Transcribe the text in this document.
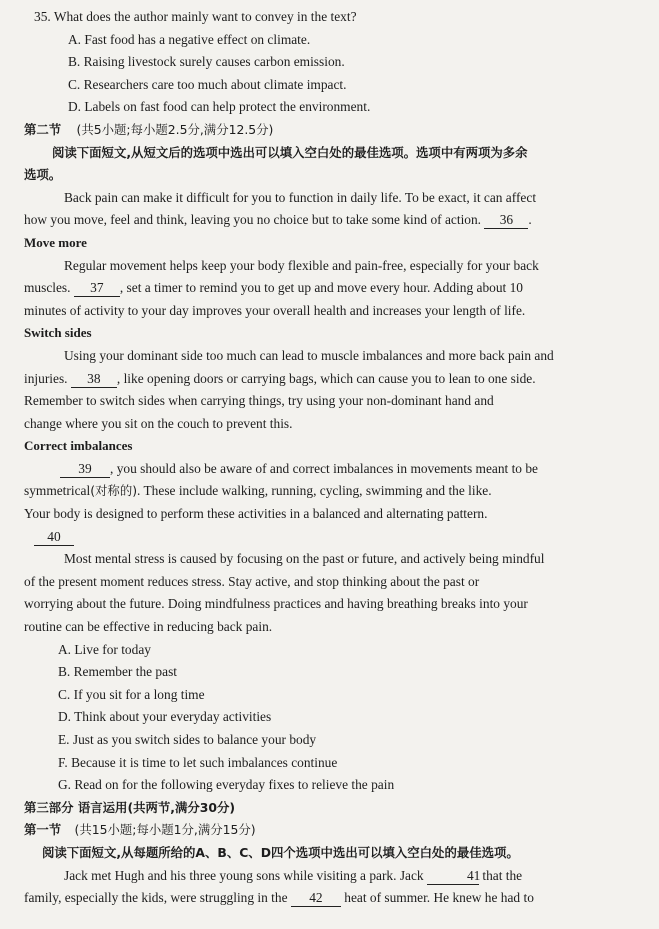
35. What does the author mainly want to convey in the text?
A. Fast food has a negative effect on climate.
B. Raising livestock surely causes carbon emission.
C. Researchers care too much about climate impact.
D. Labels on fast food can help protect the environment.
第二节 (共5小题;每小题2.5分,满分12.5分)
阅读下面短文,从短文后的选项中选出可以填入空白处的最佳选项。选项中有两项为多余
选项。
Back pain can make it difficult for you to function in daily life. To be exact, it can affect
how you move, feel and think, leaving you no choice but to take some kind of action. 36 .
Move more
Regular movement helps keep your body flexible and pain-free, especially for your back
muscles. 37 , set a timer to remind you to get up and move every hour. Adding about 10
minutes of activity to your day improves your overall health and increases your length of life.
Switch sides
Using your dominant side too much can lead to muscle imbalances and more back pain and
injuries. 38 , like opening doors or carrying bags, which can cause you to lean to one side.
Remember to switch sides when carrying things, try using your non-dominant hand and
change where you sit on the couch to prevent this.
Correct imbalances
39 , you should also be aware of and correct imbalances in movements meant to be
symmetrical(对称的). These include walking, running, cycling, swimming and the like.
Your body is designed to perform these activities in a balanced and alternating pattern.
40
Most mental stress is caused by focusing on the past or future, and actively being mindful
of the present moment reduces stress. Stay active, and stop thinking about the past or
worrying about the future. Doing mindfulness practices and having breathing breaks into your
routine can be effective in reducing back pain.
A. Live for today
B. Remember the past
C. If you sit for a long time
D. Think about your everyday activities
E. Just as you switch sides to balance your body
F. Because it is time to let such imbalances continue
G. Read on for the following everyday fixes to relieve the pain
第三部分 语言运用(共两节,满分30分)
第一节 (共15小题;每小题1分,满分15分)
阅读下面短文,从每题所给的A、B、C、D四个选项中选出可以填入空白处的最佳选项。
Jack met Hugh and his three young sons while visiting a park. Jack	41 that the
family, especially the kids, were struggling in the 42 heat of summer. He knew he had to
